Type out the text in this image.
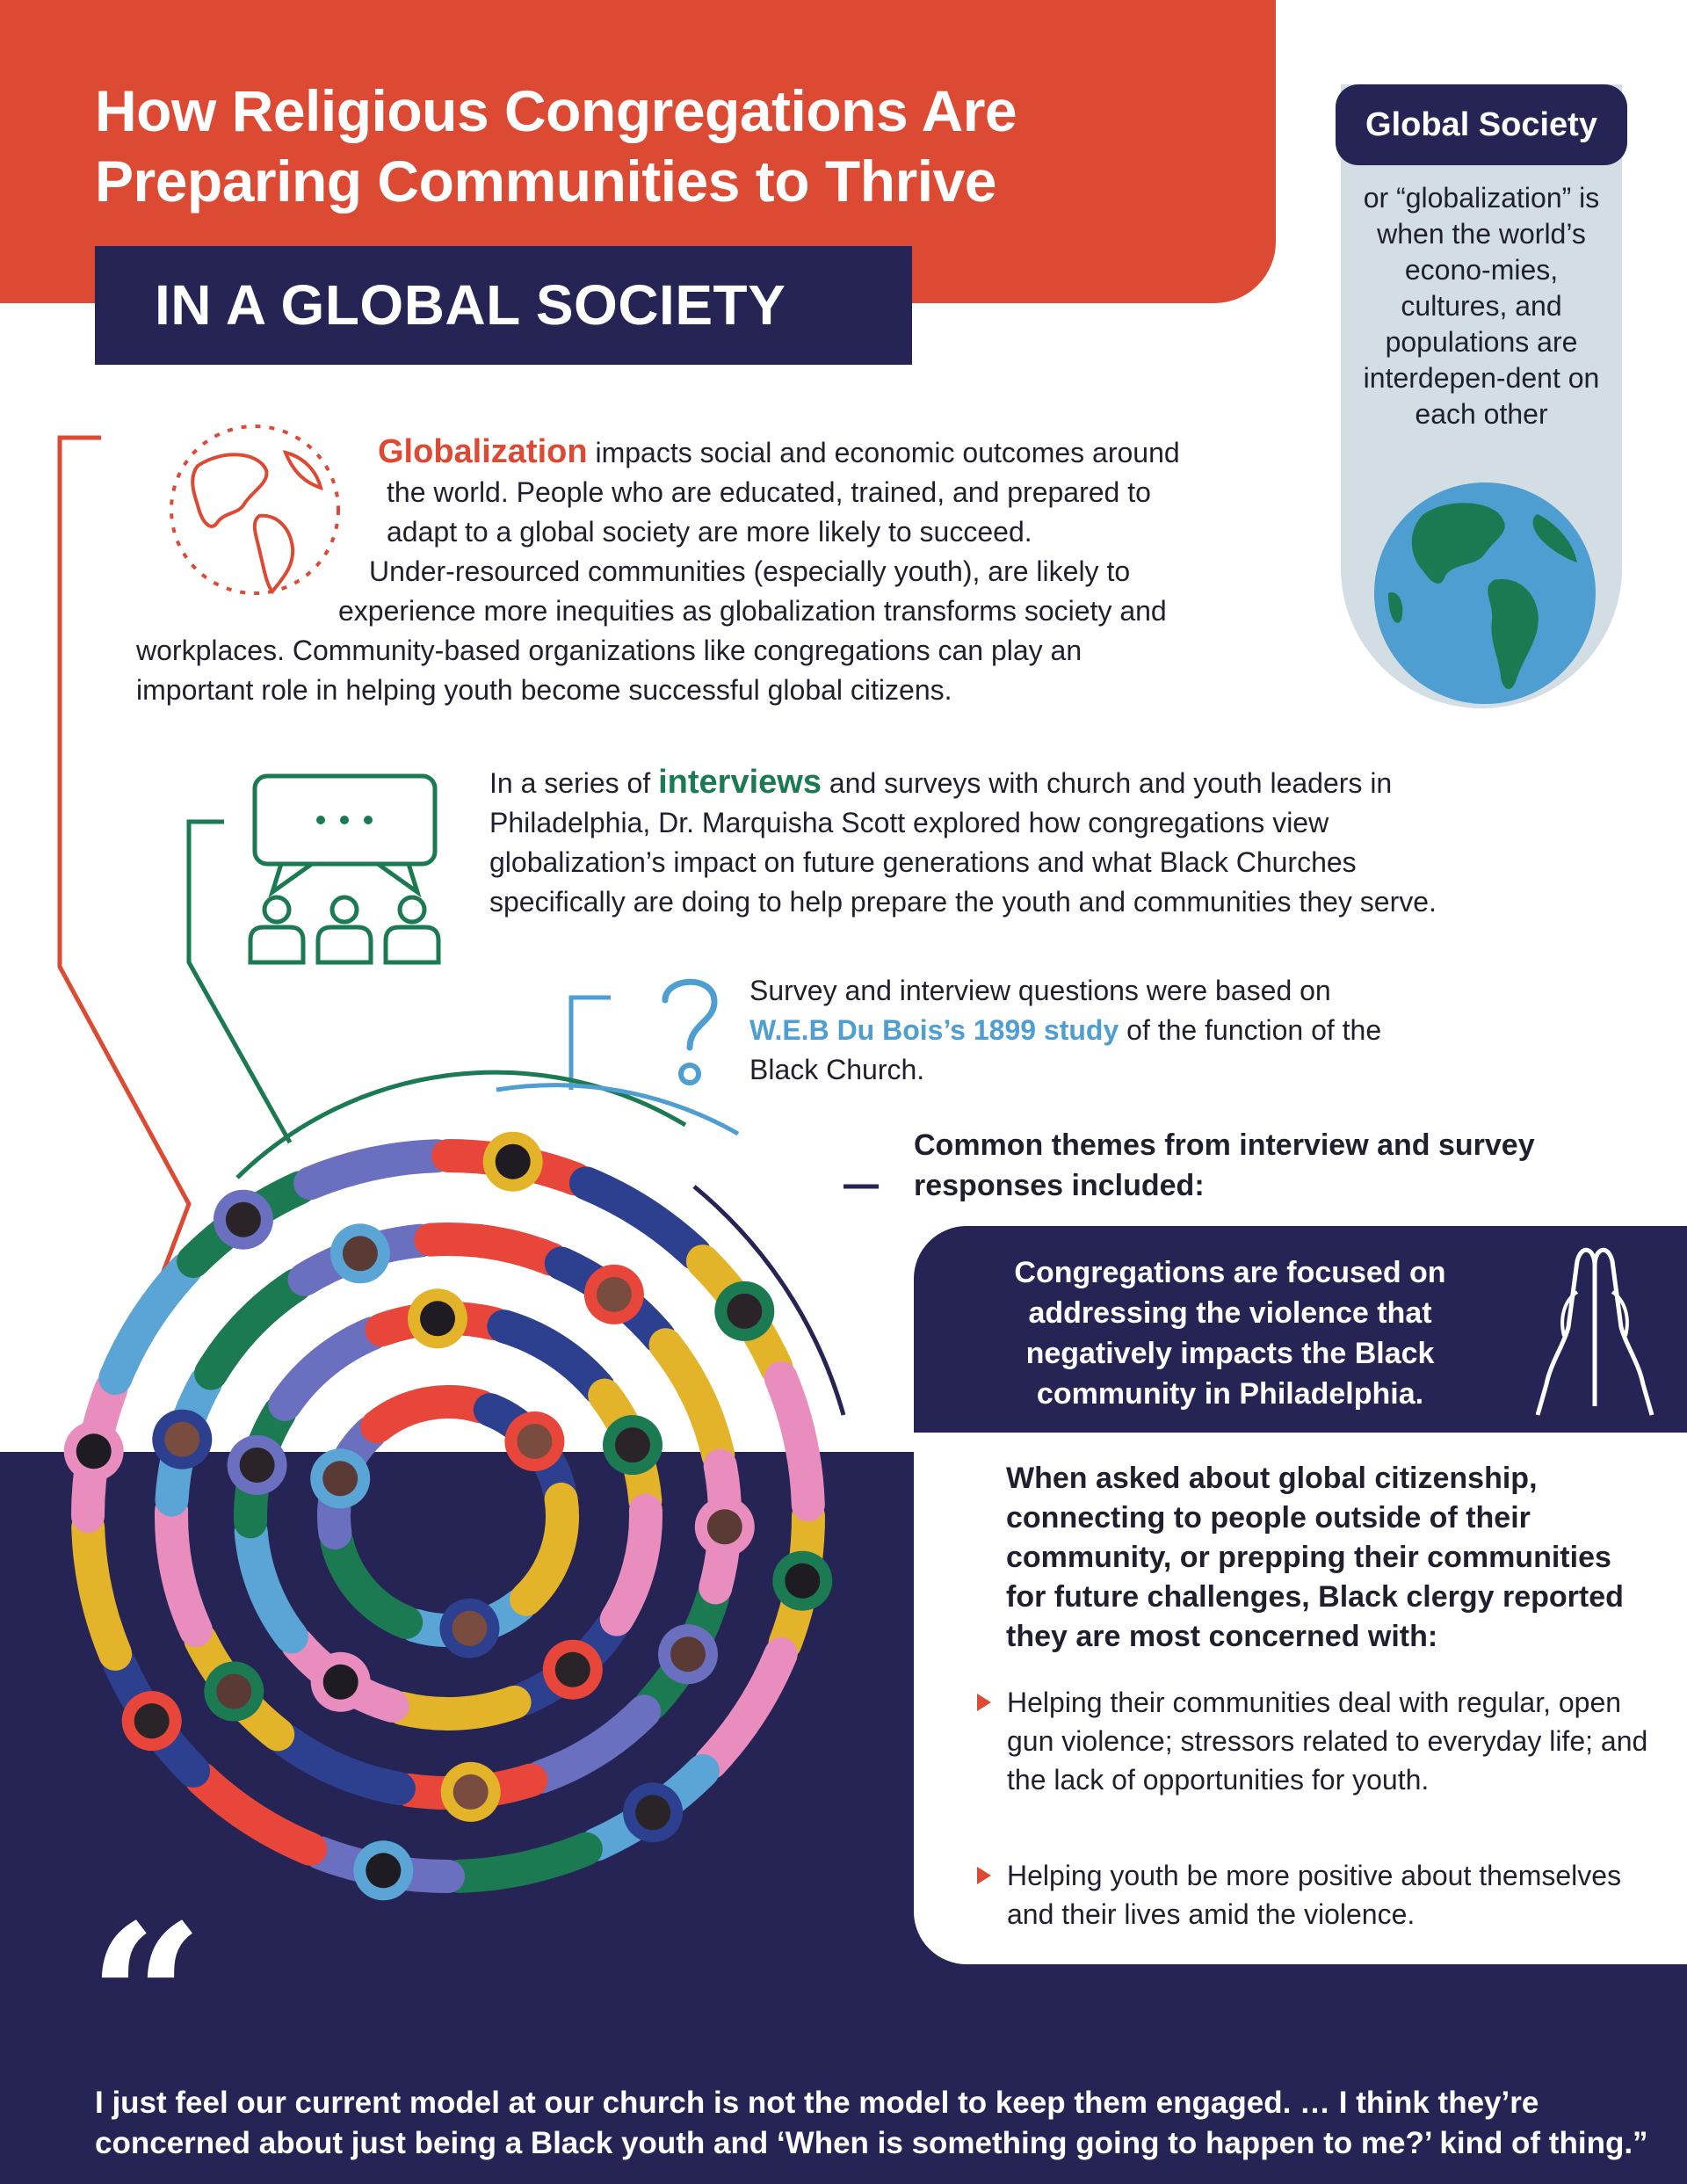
How Religious Congregations Are
Preparing Communities to Thrive
IN A GLOBAL SOCIETY
Global Society
or “globalization” is when the world’s econo-mies, cultures, and populations are interdepen-dent on each other
Globalization impacts social and economic outcomes around
the world. People who are educated, trained, and prepared to
adapt to a global society are more likely to succeed.
Under-resourced communities (especially youth), are likely to
experience more inequities as globalization transforms society and
workplaces. Community-based organizations like congregations can play an
important role in helping youth become successful global citizens.
In a series of interviews and surveys with church and youth leaders in
Philadelphia, Dr. Marquisha Scott explored how congregations view
globalization’s impact on future generations and what Black Churches
specifically are doing to help prepare the youth and communities they serve.
Survey and interview questions were based on
W.E.B Du Bois’s 1899 study of the function of the
Black Church.
Common themes from interview and survey responses included:
Congregations are focused on addressing the violence that negatively impacts the Black community in Philadelphia.
When asked about global citizenship, connecting to people outside of their community, or prepping their communities for future challenges, Black clergy reported they are most concerned with:
Helping their communities deal with regular, open gun violence; stressors related to everyday life; and the lack of opportunities for youth.
Helping youth be more positive about themselves and their lives amid the violence.
“
I just feel our current model at our church is not the model to keep them engaged. … I think they’re concerned about just being a Black youth and ‘When is something going to happen to me?’ kind of thing.”
